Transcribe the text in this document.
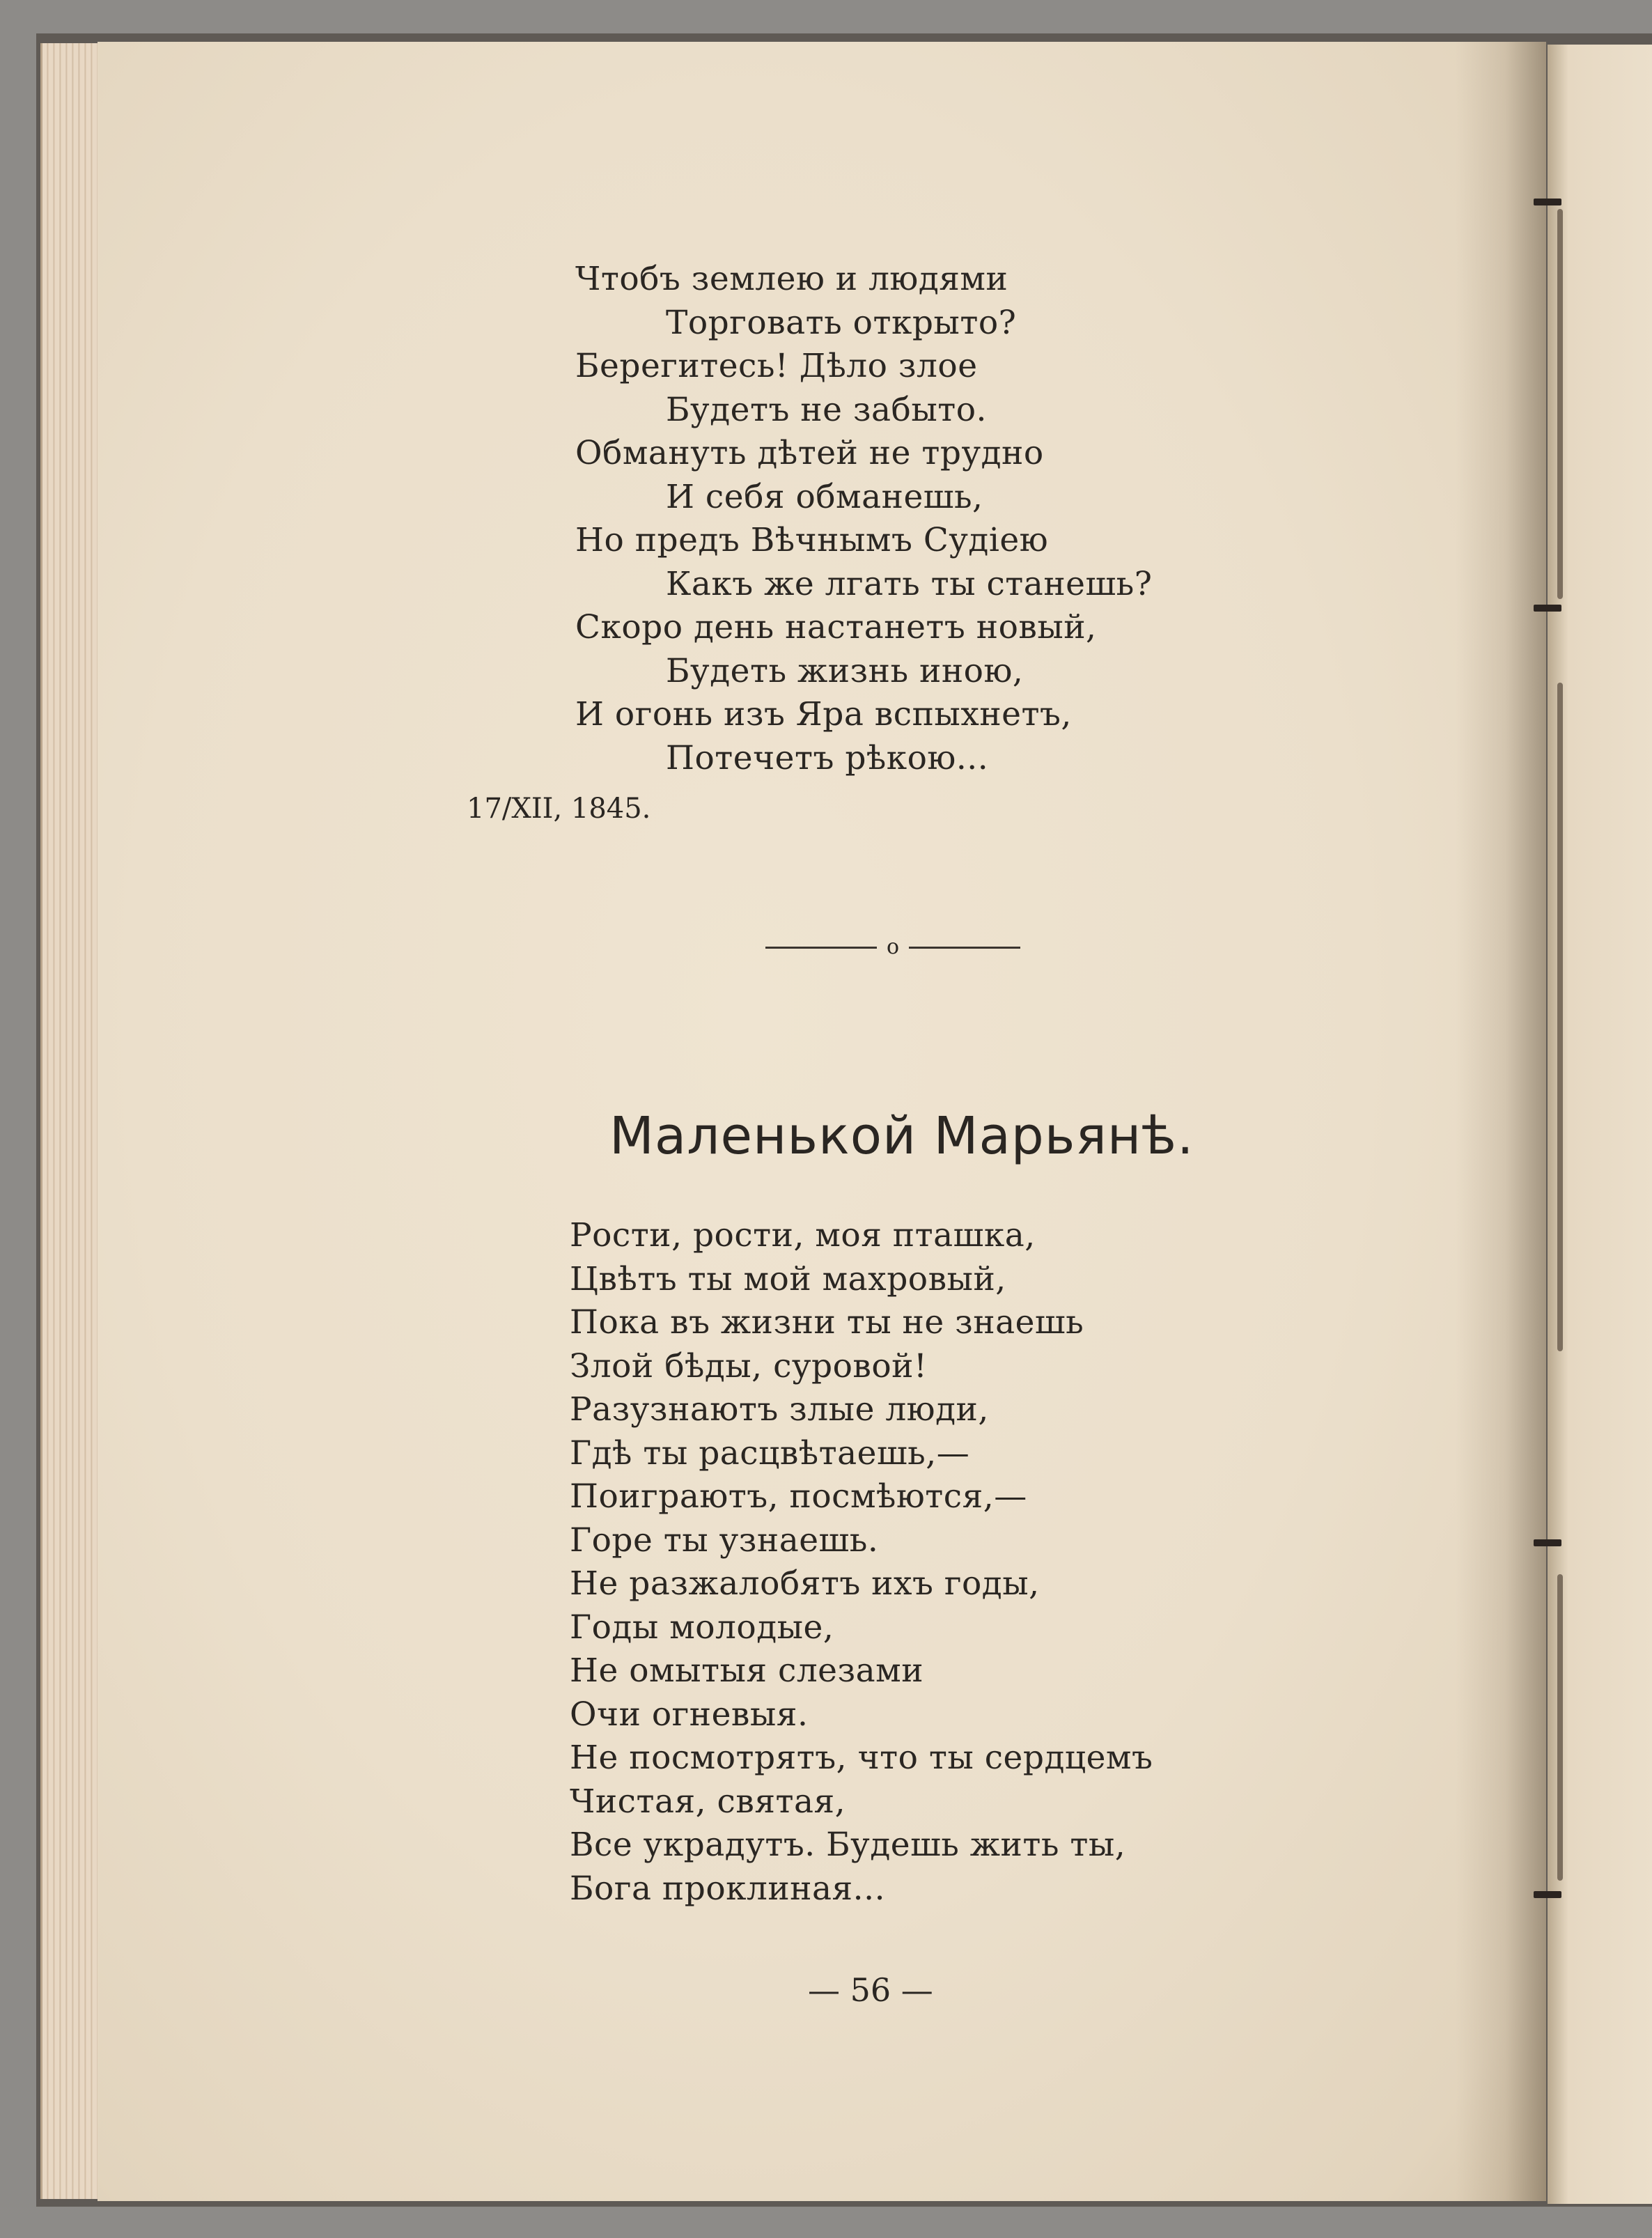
Чтобъ землею и людями
Торговать открыто?
Берегитесь! Дѣло злое
Будетъ не забыто.
Обмануть дѣтей не трудно
И себя обманешь,
Но предъ Вѣчнымъ Судіею
Какъ же лгать ты станешь?
Скоро день настанетъ новый,
Будеть жизнь иною,
И огонь изъ Яра вспыхнетъ,
Потечетъ рѣкою...
17/XII, 1845.
o
Маленькой Марьянѣ.
Рости, рости, моя пташка,
Цвѣтъ ты мой махровый,
Пока въ жизни ты не знаешь
Злой бѣды, суровой!
Разузнаютъ злые люди,
Гдѣ ты расцвѣтаешь,—
Поиграютъ, посмѣются,—
Горе ты узнаешь.
Не разжалобятъ ихъ годы,
Годы молодые,
Не омытыя слезами
Очи огневыя.
Не посмотрятъ, что ты сердцемъ
Чистая, святая,
Все украдутъ. Будешь жить ты,
Бога проклиная...
— 56 —
